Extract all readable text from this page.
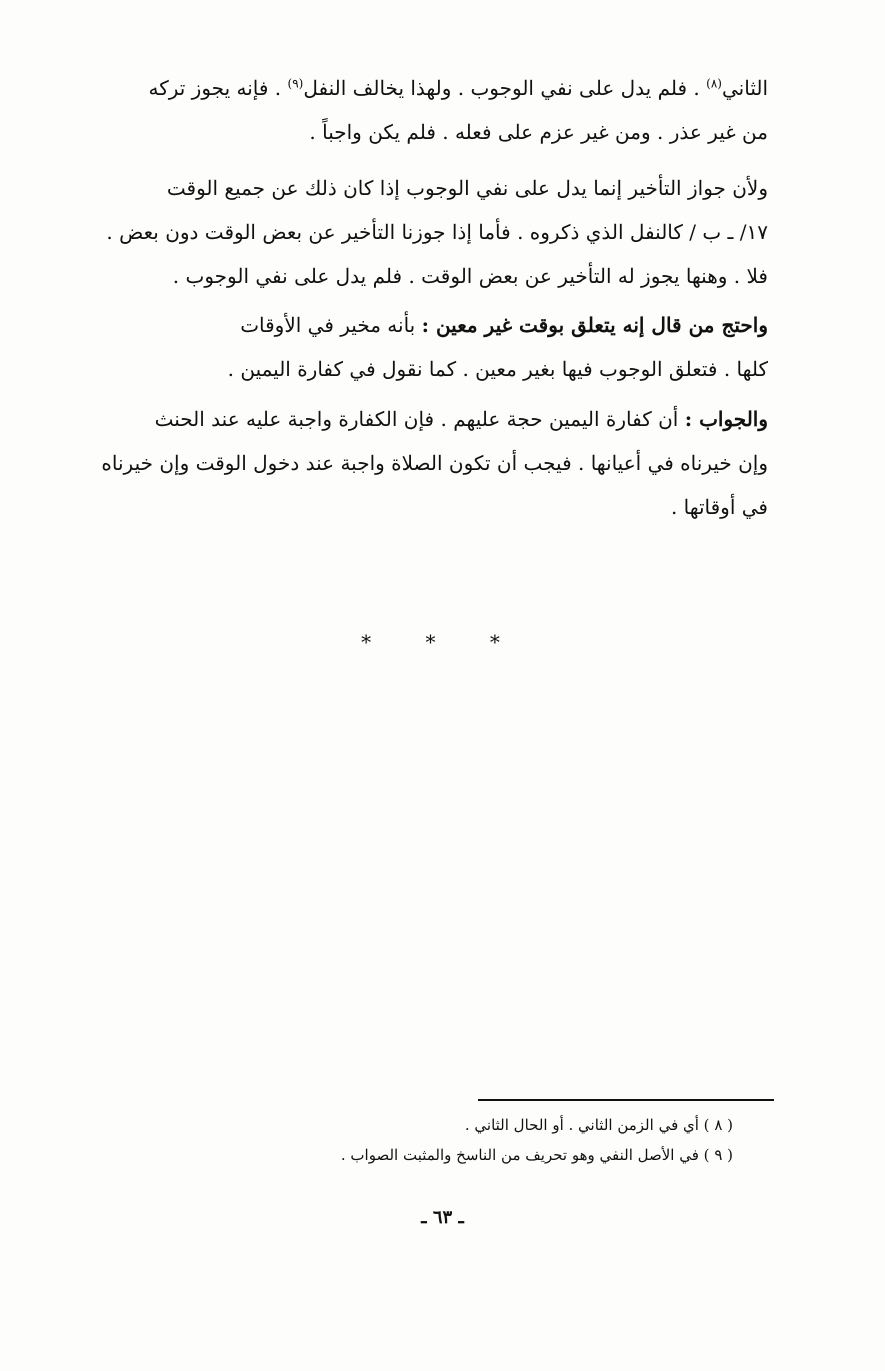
الثاني$^{(٨)}$ . فلم يدل على نفي الوجوب . ولهذا يخالف النفل$^{(٩)}$ . فإنه يجوز تركه
من غير عذر . ومن غير عزم على فعله . فلم يكن واجباً .
ولأن جواز التأخير إنما يدل على نفي الوجوب إذا كان ذلك عن جميع الوقت
١٧/ ـ ب / كالنفل الذي ذكروه . فأما إذا جوزنا التأخير عن بعض الوقت دون بعض .
فلا . وهنها يجوز له التأخير عن بعض الوقت . فلم يدل على نفي الوجوب .
واحتج من قال إنه يتعلق بوقت غير معين : بأنه مخير في الأوقات
كلها . فتعلق الوجوب فيها بغير معين . كما نقول في كفارة اليمين .
والجواب : أن كفارة اليمين حجة عليهم . فإن الكفارة واجبة عليه عند الحنث
وإن خيرناه في أعيانها . فيجب أن تكون الصلاة واجبة عند دخول الوقت وإن خيرناه
في أوقاتها .
* * *
( ٨ ) أي في الزمن الثاني . أو الحال الثاني .
( ٩ ) في الأصل النفي وهو تحريف من الناسخ والمثبت الصواب .
ـ ٦٣ ـ
